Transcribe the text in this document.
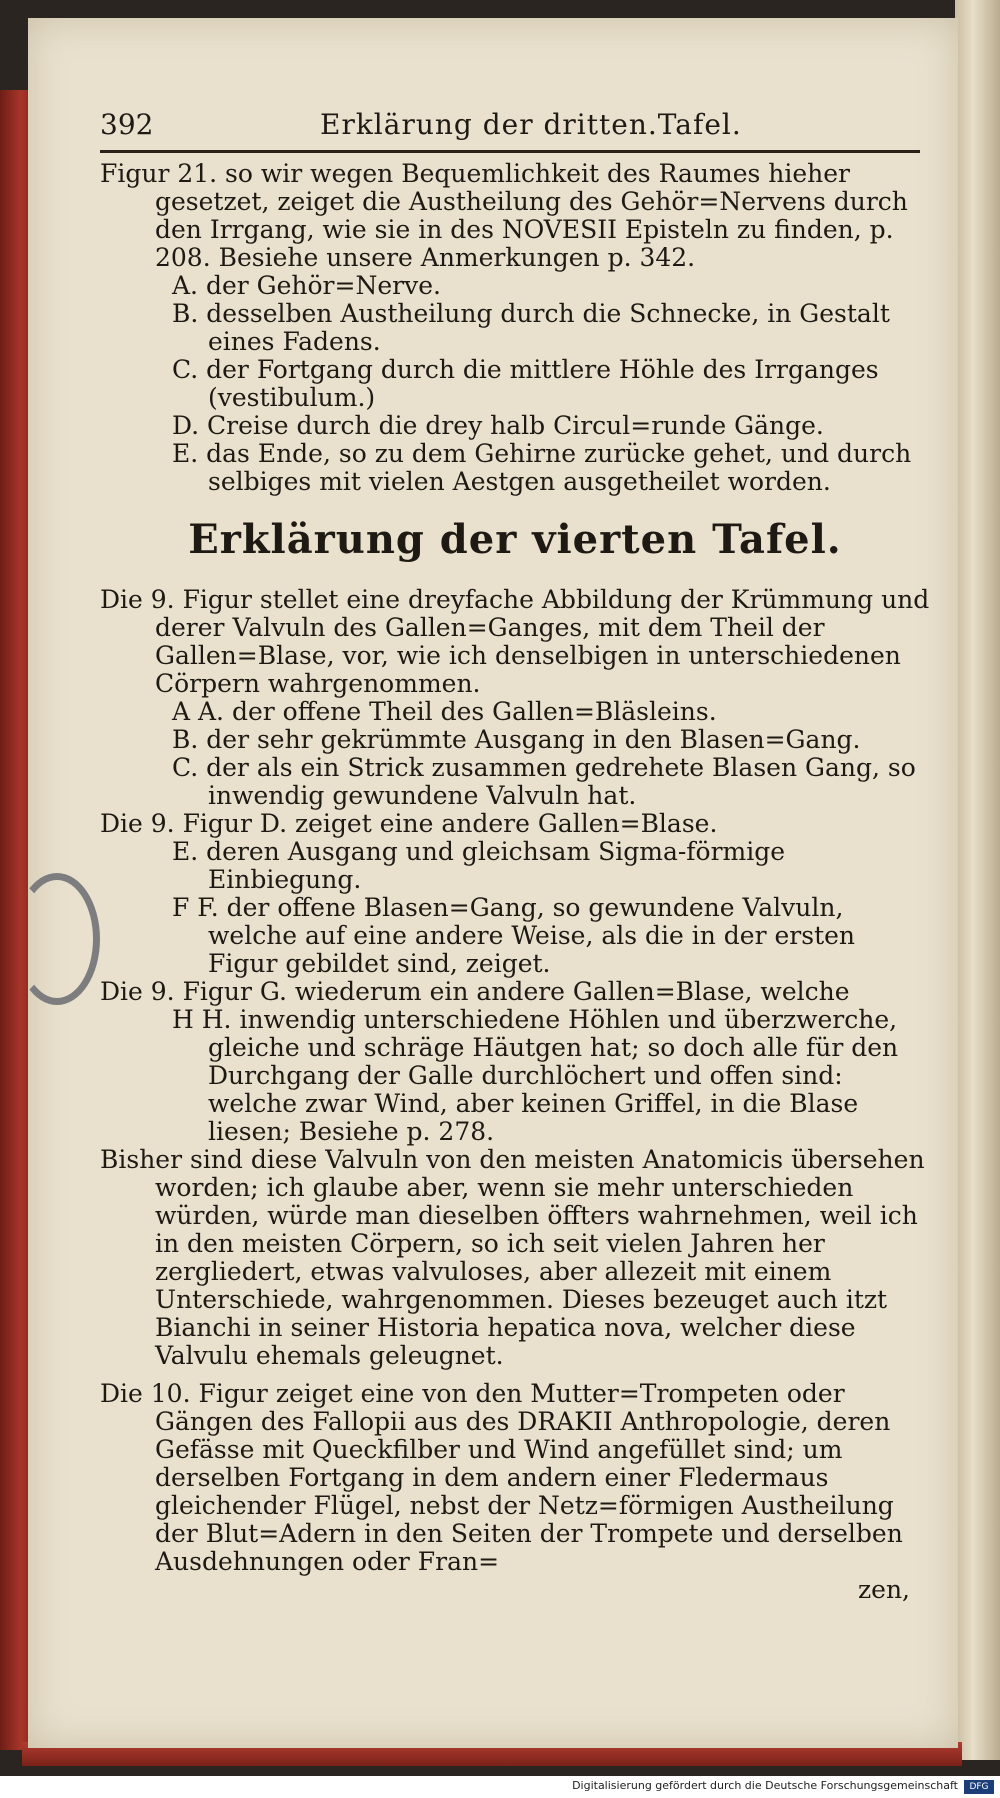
392	Erklärung der dritten.Tafel.

Figur 21. so wir wegen Bequemlichkeit des Raumes hieher gesetzet, zeiget die Austheilung des Gehör=Nervens durch den Irrgang, wie sie in des NOVESII Episteln zu finden, p. 208. Besiehe unsere Anmerkungen p. 342.

A. der Gehör=Nerve.

B. desselben Austheilung durch die Schnecke, in Gestalt eines Fadens.

C. der Fortgang durch die mittlere Höhle des Irrganges (vestibulum.)

D. Creise durch die drey halb Circul=runde Gänge.

E. das Ende, so zu dem Gehirne zurücke gehet, und durch selbiges mit vielen Aestgen ausgetheilet worden.

Erklärung der vierten Tafel.

Die 9. Figur stellet eine dreyfache Abbildung der Krümmung und derer Valvuln des Gallen=Ganges, mit dem Theil der Gallen=Blase, vor, wie ich denselbigen in unterschiedenen Cörpern wahrgenommen.

A A. der offene Theil des Gallen=Bläsleins.

B. der sehr gekrümmte Ausgang in den Blasen=Gang.

C. der als ein Strick zusammen gedrehete Blasen Gang, so inwendig gewundene Valvuln hat.

Die 9. Figur D. zeiget eine andere Gallen=Blase.

E. deren Ausgang und gleichsam Sigma-förmige Einbiegung.

F F. der offene Blasen=Gang, so gewundene Valvuln, welche auf eine andere Weise, als die in der ersten Figur gebildet sind, zeiget.

Die 9. Figur G. wiederum ein andere Gallen=Blase, welche

H H. inwendig unterschiedene Höhlen und überzwerche, gleiche und schräge Häutgen hat; so doch alle für den Durchgang der Galle durchlöchert und offen sind: welche zwar Wind, aber keinen Griffel, in die Blase liesen; Besiehe p. 278.

Bisher sind diese Valvuln von den meisten Anatomicis übersehen worden; ich glaube aber, wenn sie mehr unterschieden würden, würde man dieselben öffters wahrnehmen, weil ich in den meisten Cörpern, so ich seit vielen Jahren her zergliedert, etwas valvuloses, aber allezeit mit einem Unterschiede, wahrgenommen. Dieses bezeuget auch itzt Bianchi in seiner Historia hepatica nova, welcher diese Valvulu ehemals geleugnet.

Die 10. Figur zeiget eine von den Mutter=Trompeten oder Gängen des Fallopii aus des DRAKII Anthropologie, deren Gefässe mit Queckfilber und Wind angefüllet sind; um derselben Fortgang in dem andern einer Fledermaus gleichender Flügel, nebst der Netz=förmigen Austheilung der Blut=Adern in den Seiten der Trompete und derselben Ausdehnungen oder Fran=

zen,

Digitalisierung gefördert durch die Deutsche Forschungsgemeinschaft	DFG
